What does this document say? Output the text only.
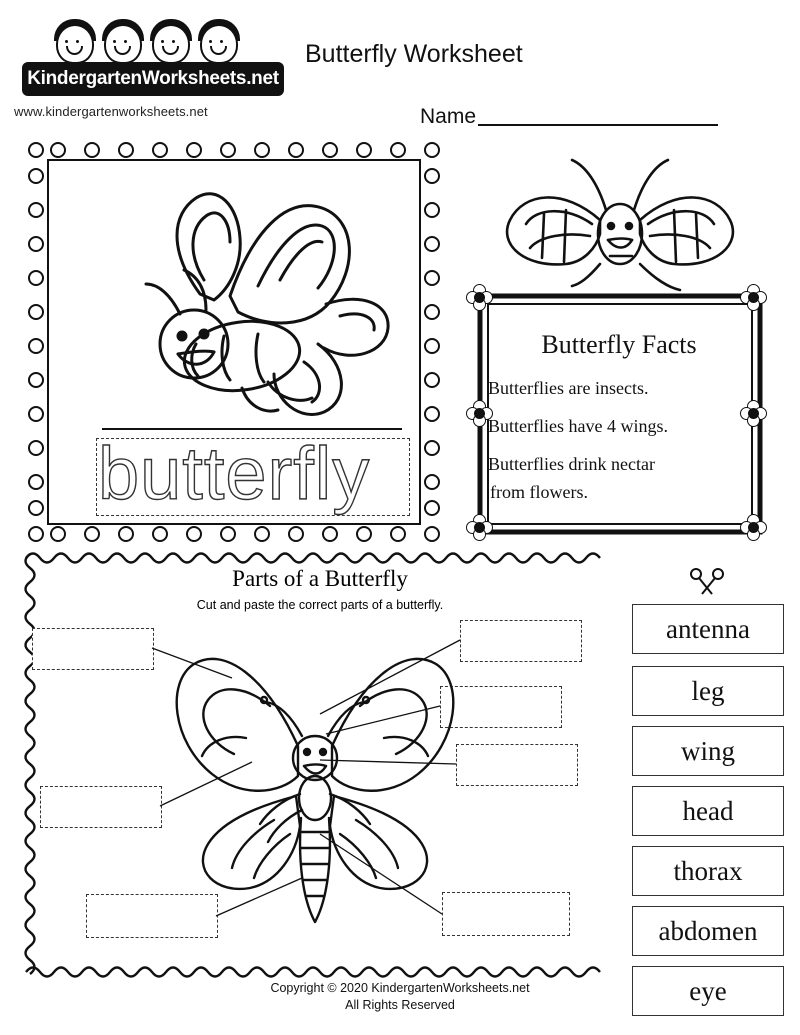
KindergartenWorksheets.net
www.kindergartenworksheets.net
Butterfly Worksheet
Name
butterfly
Butterfly Facts
Butterflies are insects.
Butterflies have 4 wings.
Butterflies drink nectar
from flowers.
Parts of a Butterfly
Cut and paste the correct parts of a butterfly.
antenna
leg
wing
head
thorax
abdomen
eye
Copyright © 2020 KindergartenWorksheets.net
All Rights Reserved
